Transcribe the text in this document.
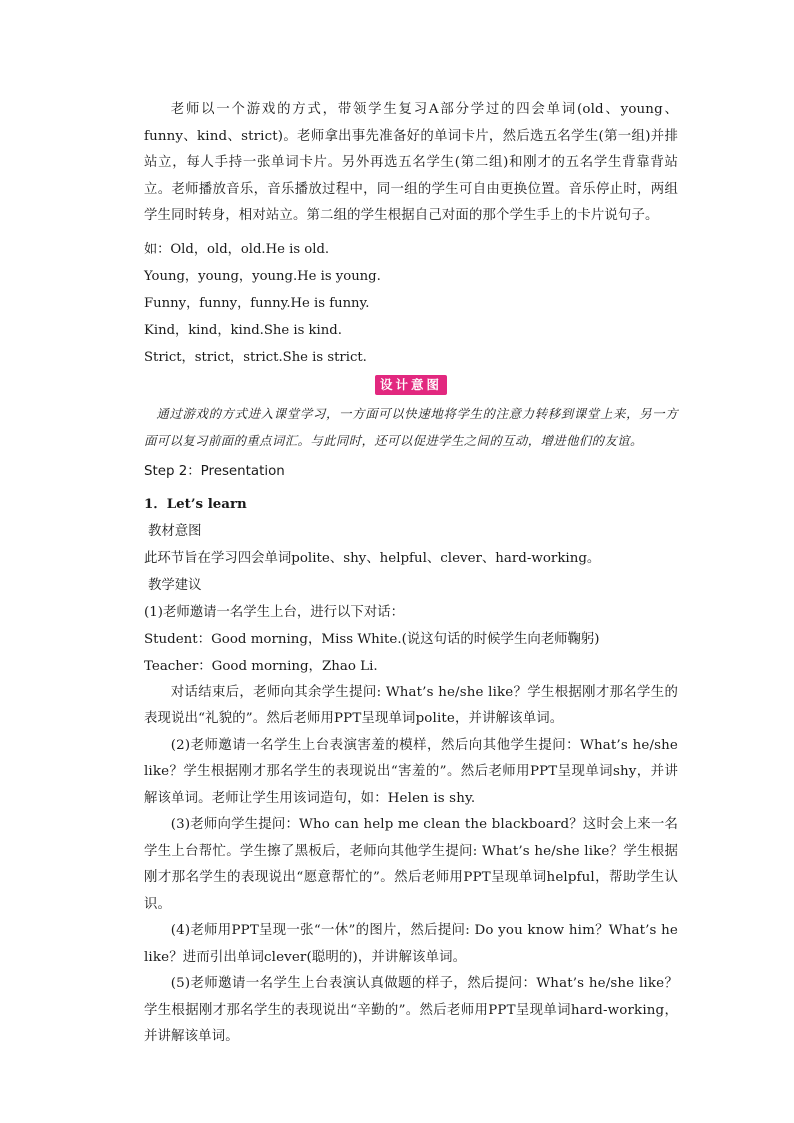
老师以一个游戏的方式，带领学生复习A部分学过的四会单词(old、young、funny、kind、strict)。老师拿出事先准备好的单词卡片，然后选五名学生(第一组)并排站立，每人手持一张单词卡片。另外再选五名学生(第二组)和刚才的五名学生背靠背站立。老师播放音乐，音乐播放过程中，同一组的学生可自由更换位置。音乐停止时，两组学生同时转身，相对站立。第二组的学生根据自己对面的那个学生手上的卡片说句子。

如：Old，old，old.He is old.

Young，young，young.He is young.

Funny，funny，funny.He is funny.

Kind，kind，kind.She is kind.

Strict，strict，strict.She is strict.

设计意图

通过游戏的方式进入课堂学习，一方面可以快速地将学生的注意力转移到课堂上来，另一方面可以复习前面的重点词汇。与此同时，还可以促进学生之间的互动，增进他们的友谊。

Step 2：Presentation

1．Let’s learn

教材意图

此环节旨在学习四会单词polite、shy、helpful、clever、hard-working。

教学建议

(1)老师邀请一名学生上台，进行以下对话：

Student：Good morning，Miss White.(说这句话的时候学生向老师鞠躬)

Teacher：Good morning，Zhao Li.

对话结束后，老师向其余学生提问: What’s he/she like？学生根据刚才那名学生的表现说出“礼貌的”。然后老师用PPT呈现单词polite，并讲解该单词。

(2)老师邀请一名学生上台表演害羞的模样，然后向其他学生提问：What’s he/she like？学生根据刚才那名学生的表现说出“害羞的”。然后老师用PPT呈现单词shy，并讲解该单词。老师让学生用该词造句，如：Helen is shy.

(3)老师向学生提问：Who can help me clean the blackboard？这时会上来一名学生上台帮忙。学生擦了黑板后，老师向其他学生提问: What’s he/she like？学生根据刚才那名学生的表现说出“愿意帮忙的”。然后老师用PPT呈现单词helpful，帮助学生认识。

(4)老师用PPT呈现一张“一休”的图片，然后提问: Do you know him？What’s he like？进而引出单词clever(聪明的)，并讲解该单词。

(5)老师邀请一名学生上台表演认真做题的样子，然后提问：What’s he/she like？学生根据刚才那名学生的表现说出“辛勤的”。然后老师用PPT呈现单词hard-working，并讲解该单词。
